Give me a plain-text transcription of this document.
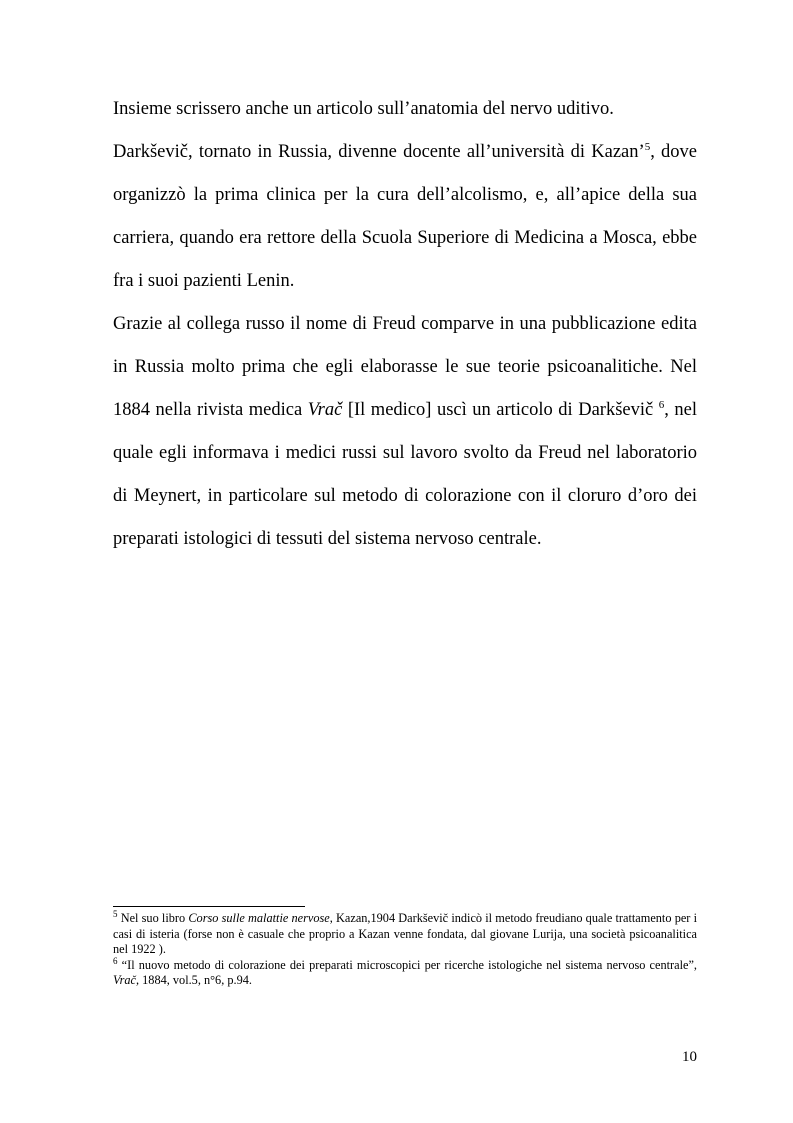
Insieme scrissero anche un articolo sull’anatomia del nervo uditivo.

Darkševič, tornato in Russia, divenne docente all’università di Kazan’$^5$, dove organizzò la prima clinica per la cura dell’alcolismo, e, all’apice della sua carriera, quando era rettore della Scuola Superiore di Medicina a Mosca, ebbe fra i suoi pazienti Lenin.

Grazie al collega russo il nome di Freud comparve in una pubblicazione edita in Russia molto prima che egli elaborasse le sue teorie psicoanalitiche. Nel 1884 nella rivista medica Vrač [Il medico] uscì un articolo di Darkševič $^6$, nel quale egli informava i medici russi sul lavoro svolto da Freud nel laboratorio di Meynert, in particolare sul metodo di colorazione con il cloruro d’oro dei preparati istologici di tessuti del sistema nervoso centrale.

$^5$ Nel suo libro Corso sulle malattie nervose, Kazan,1904 Darkševič indicò il metodo freudiano quale trattamento per i casi di isteria (forse non è casuale che proprio a Kazan venne fondata, dal giovane Lurija, una società psicoanalitica nel 1922 ).

$^6$ “Il nuovo metodo di colorazione dei preparati microscopici per ricerche istologiche nel sistema nervoso centrale”, Vrač, 1884, vol.5, n°6, p.94.

10
